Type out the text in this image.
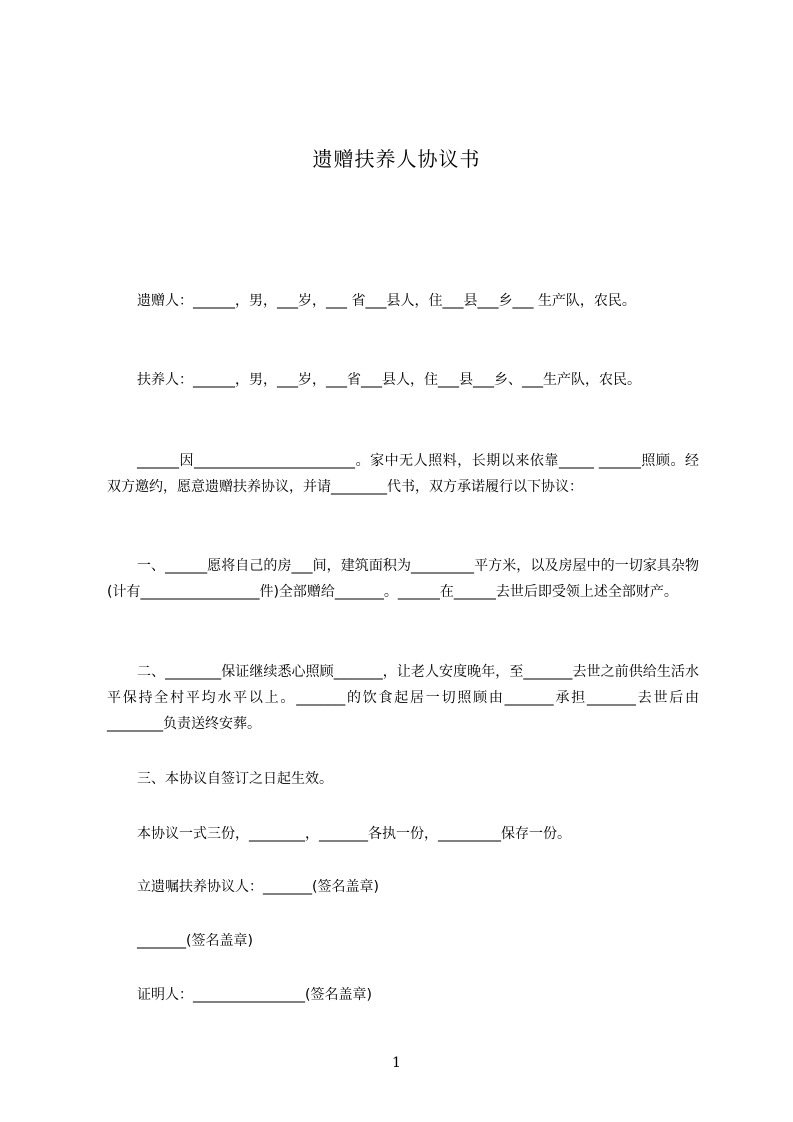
遗赠扶养人协议书
遗赠人：______，男，___岁，___ 省___县人，住___县___乡___ 生产队，农民。
扶养人：______，男，___岁，___省___县人，住___县___乡、___生产队，农民。
______因_______________________。家中无人照料，长期以来依靠_____ ______照顾。经双方邀约，愿意遗赠扶养协议，并请________代书，双方承诺履行以下协议：
一、______愿将自己的房___间，建筑面积为_________平方米，以及房屋中的一切家具杂物(计有_________________件)全部赠给_______。______在______去世后即受领上述全部财产。
二、________保证继续悉心照顾_______，让老人安度晚年，至_______去世之前供给生活水平保持全村平均水平以上。_______的饮食起居一切照顾由_______承担_______去世后由________负责送终安葬。
三、本协议自签订之日起生效。
本协议一式三份，________，_______各执一份，_________保存一份。
立遗嘱扶养协议人：_______(签名盖章)
_______(签名盖章)
证明人：________________(签名盖章)
1
